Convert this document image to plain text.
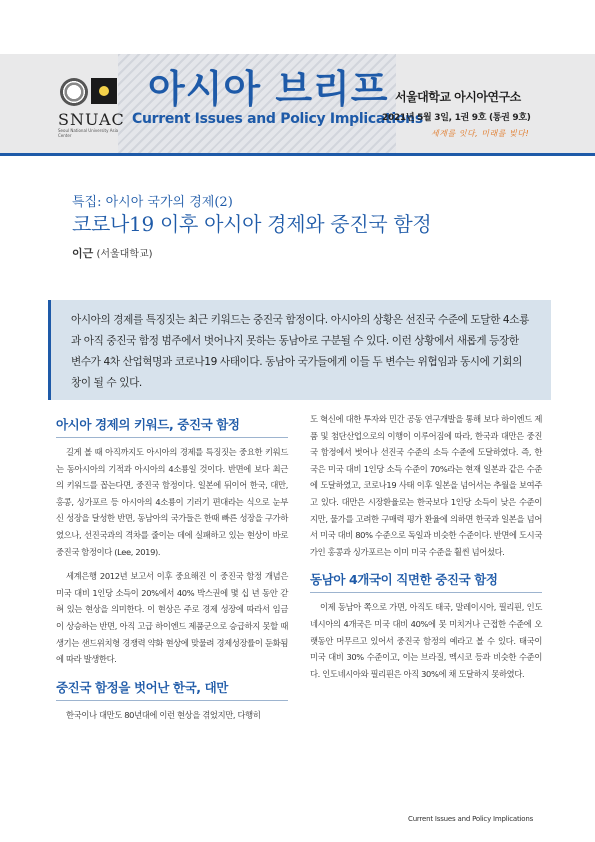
SNUAC
Seoul National University Asia Center
아시아 브리프
Current Issues and Policy Implications
서울대학교 아시아연구소
2021년 5월 3일, 1권 9호 (통권 9호)
세계를 잇다, 미래를 빚다!
특집: 아시아 국가의 경제(2)
코로나19 이후 아시아 경제와 중진국 함정
이근 (서울대학교)

아시아의 경제를 특징짓는 최근 키워드는 중진국 함정이다. 아시아의 상황은 선진국 수준에 도달한 4소룡과 아직 중진국 함정 범주에서 벗어나지 못하는 동남아로 구분될 수 있다. 이런 상황에서 새롭게 등장한 변수가 4차 산업혁명과 코로나19 사태이다. 동남아 국가들에게 이들 두 변수는 위협임과 동시에 기회의 창이 될 수 있다.

아시아 경제의 키워드, 중진국 함정

길게 볼 때 아직까지도 아시아의 경제를 특징짓는 중요한 키워드는 동아시아의 기적과 아시아의 4소룡일 것이다. 반면에 보다 최근의 키워드를 꼽는다면, 중진국 함정이다. 일본에 뒤이어 한국, 대만, 홍콩, 싱가포르 등 아시아의 4소룡이 기러기 편대라는 식으로 눈부신 성장을 달성한 반면, 동남아의 국가들은 한때 빠른 성장을 구가하였으나, 선진국과의 격차를 줄이는 데에 실패하고 있는 현상이 바로 중진국 함정이다 (Lee, 2019).

세계은행 2012년 보고서 이후 중요해진 이 중진국 함정 개념은 미국 대비 1인당 소득이 20%에서 40% 박스권에 몇 십 년 동안 갇혀 있는 현상을 의미한다. 이 현상은 주로 경제 성장에 따라서 임금이 상승하는 반면, 아직 고급 하이엔드 제품군으로 승급하지 못할 때 생기는 샌드위치형 경쟁력 약화 현상에 맞물려 경제성장률이 둔화됨에 따라 발생한다.

중진국 함정을 벗어난 한국, 대만

한국이나 대만도 80년대에 이런 현상을 겪었지만, 다행히

도 혁신에 대한 투자와 민간 공동 연구개발을 통해 보다 하이엔드 제품 및 첨단산업으로의 이행이 이루어짐에 따라, 한국과 대만은 중진국 함정에서 벗어나 선진국 수준의 소득 수준에 도달하였다. 즉, 한국은 미국 대비 1인당 소득 수준이 70%라는 현재 일본과 같은 수준에 도달하였고, 코로나19 사태 이후 일본을 넘어서는 추월을 보여주고 있다. 대만은 시장환율로는 한국보다 1인당 소득이 낮은 수준이지만, 물가를 고려한 구매력 평가 환율에 의하면 한국과 일본을 넘어서 미국 대비 80% 수준으로 독일과 비슷한 수준이다. 반면에 도시국가인 홍콩과 싱가포르는 이미 미국 수준을 훨씬 넘어섰다.

동남아 4개국이 직면한 중진국 함정

이제 동남아 쪽으로 가면, 아직도 태국, 말레이시아, 필리핀, 인도네시아의 4개국은 미국 대비 40%에 못 미치거나 근접한 수준에 오랫동안 머무르고 있어서 중진국 함정의 예라고 볼 수 있다. 태국이 미국 대비 30% 수준이고, 이는 브라질, 멕시코 등과 비슷한 수준이다. 인도네시아와 필리핀은 아직 30%에 채 도달하지 못하였다.

Current Issues and Policy Implications
